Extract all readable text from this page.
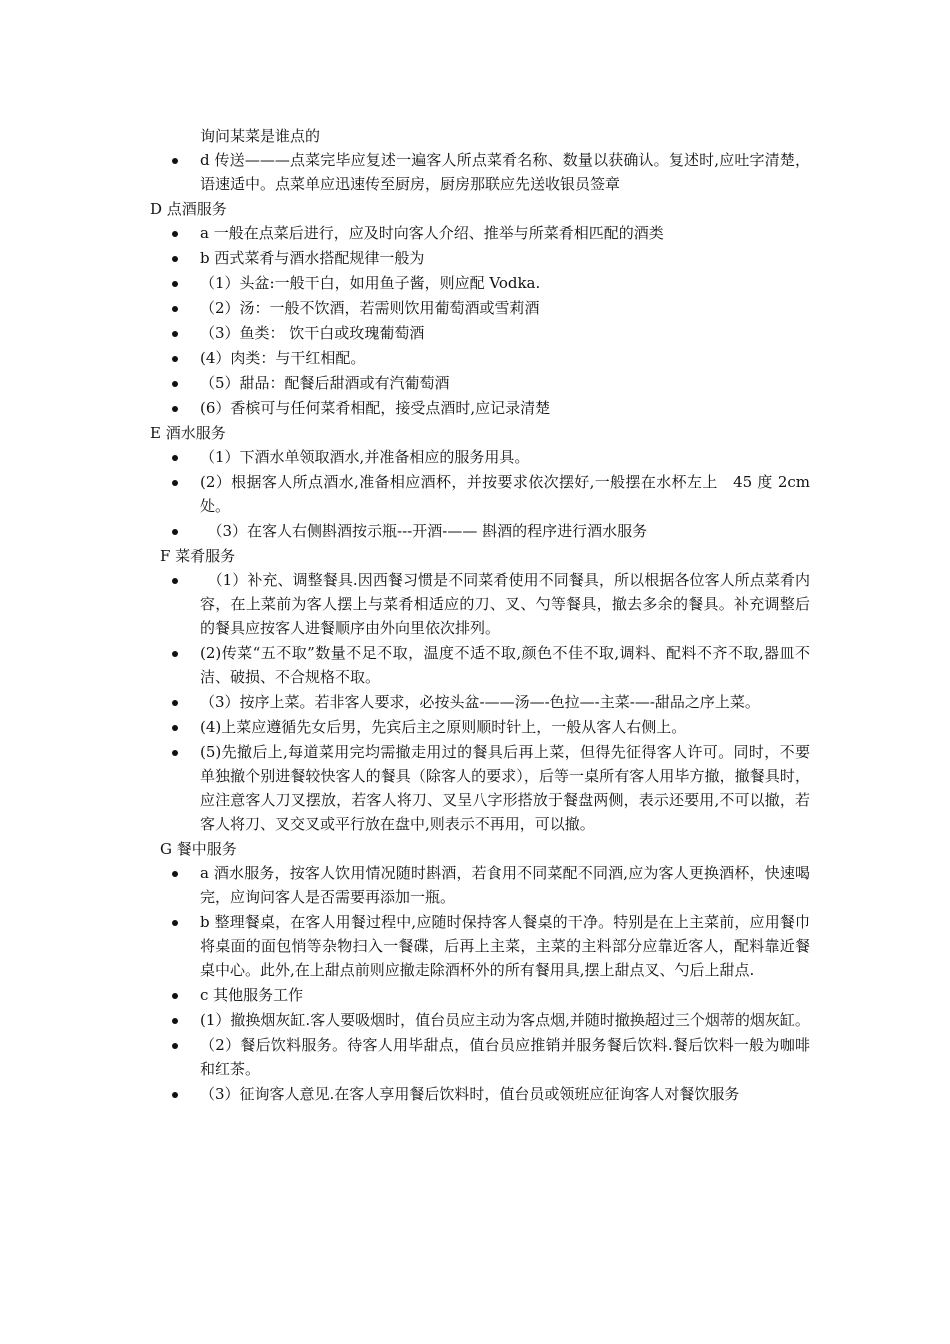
询问某菜是谁点的
d 传送———点菜完毕应复述一遍客人所点菜肴名称、数量以获确认。复述时,应吐字清楚，语速适中。点菜单应迅速传至厨房，厨房那联应先送收银员签章
D 点酒服务
a 一般在点菜后进行，应及时向客人介绍、推举与所菜肴相匹配的酒类
b 西式菜肴与酒水搭配规律一般为
（1）头盆:一般干白，如用鱼子酱，则应配 Vodka.
（2）汤：一般不饮酒，若需则饮用葡萄酒或雪莉酒
（3）鱼类： 饮干白或玫瑰葡萄酒
(4）肉类：与干红相配。
（5）甜品：配餐后甜酒或有汽葡萄酒
(6）香槟可与任何菜肴相配，接受点酒时,应记录清楚
E 酒水服务
（1）下酒水单领取酒水,并准备相应的服务用具。
(2）根据客人所点酒水,准备相应酒杯，并按要求依次摆好,一般摆在水杯左上　45 度 2cm 处。
　（3）在客人右侧斟酒按示瓶---开酒-—— 斟酒的程序进行酒水服务
F 菜肴服务
　（1）补充、调整餐具.因西餐习惯是不同菜肴使用不同餐具，所以根据各位客人所点菜肴内容，在上菜前为客人摆上与菜肴相适应的刀、叉、勺等餐具，撤去多余的餐具。补充调整后的餐具应按客人进餐顺序由外向里依次排列。
(2)传菜“五不取”数量不足不取，温度不适不取,颜色不佳不取,调料、配料不齐不取,器皿不洁、破损、不合规格不取。
（3）按序上菜。若非客人要求，必按头盆-——汤—-色拉—-主菜-—-甜品之序上菜。
(4)上菜应遵循先女后男，先宾后主之原则顺时针上，一般从客人右侧上。
(5)先撤后上,每道菜用完均需撤走用过的餐具后再上菜，但得先征得客人许可。同时，不要单独撤个别进餐较快客人的餐具（除客人的要求），后等一桌所有客人用毕方撤，撤餐具时，应注意客人刀叉摆放，若客人将刀、叉呈八字形搭放于餐盘两侧，表示还要用,不可以撤，若客人将刀、叉交叉或平行放在盘中,则表示不再用，可以撤。
G 餐中服务
a 酒水服务，按客人饮用情况随时斟酒，若食用不同菜配不同酒,应为客人更换酒杯，快速喝完，应询问客人是否需要再添加一瓶。
b 整理餐桌，在客人用餐过程中,应随时保持客人餐桌的干净。特别是在上主菜前，应用餐巾将桌面的面包悄等杂物扫入一餐碟，后再上主菜，主菜的主料部分应靠近客人，配料靠近餐桌中心。此外,在上甜点前则应撤走除酒杯外的所有餐用具,摆上甜点叉、勺后上甜点.
c 其他服务工作
(1）撤换烟灰缸.客人要吸烟时，值台员应主动为客点烟,并随时撤换超过三个烟蒂的烟灰缸。
（2）餐后饮料服务。待客人用毕甜点，值台员应推销并服务餐后饮料.餐后饮料一般为咖啡和红茶。
（3）征询客人意见.在客人享用餐后饮料时，值台员或领班应征询客人对餐饮服务
